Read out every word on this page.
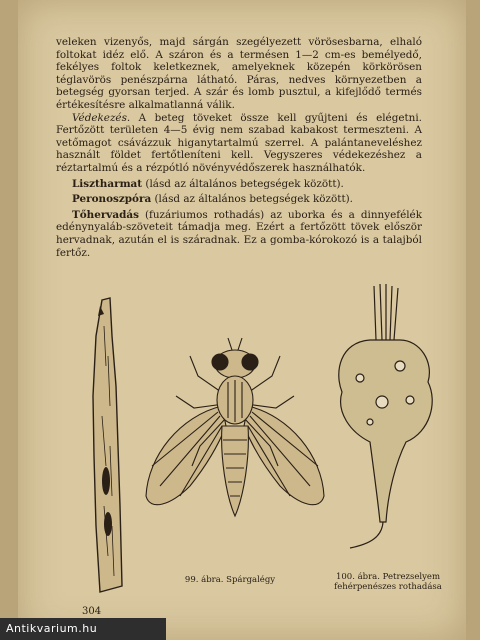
veleken vizenyős, majd sárgán szegélyezett vörösesbarna, elhaló foltokat idéz elő. A száron és a termésen 1—2 cm-es bemélyedő, fekélyes foltok keletkeznek, amelyeknek közepén körkörösen téglavörös penészpárna látható. Páras, nedves környezetben a betegség gyorsan terjed. A szár és lomb pusztul, a kifejlődő termés értékesítésre alkalmatlanná válik.

Védekezés. A beteg töveket össze kell gyűjteni és elégetni. Fertőzött területen 4—5 évig nem szabad kabakost termeszteni. A vetőmagot csávázzuk higanytartalmú szerrel. A palántaneveléshez használt földet fertőtleníteni kell. Vegyszeres védekezéshez a réztartalmú és a rézpótló növényvédőszerek használhatók.

Lisztharmat (lásd az általános betegségek között).

Peronoszpóra (lásd az általános betegségek között).

Tőhervadás (fuzáriumos rothadás) az uborka és a dinnyefélék edénynyaláb-szöveteit támadja meg. Ezért a fertőzött tövek először hervadnak, azután el is száradnak. Ez a gomba-kórokozó is a talajból fertőz.

99. ábra. Spárgalégy	100. ábra. Petrezselyem
fehérpenészes rothadása
304
Antikvarium.hu
